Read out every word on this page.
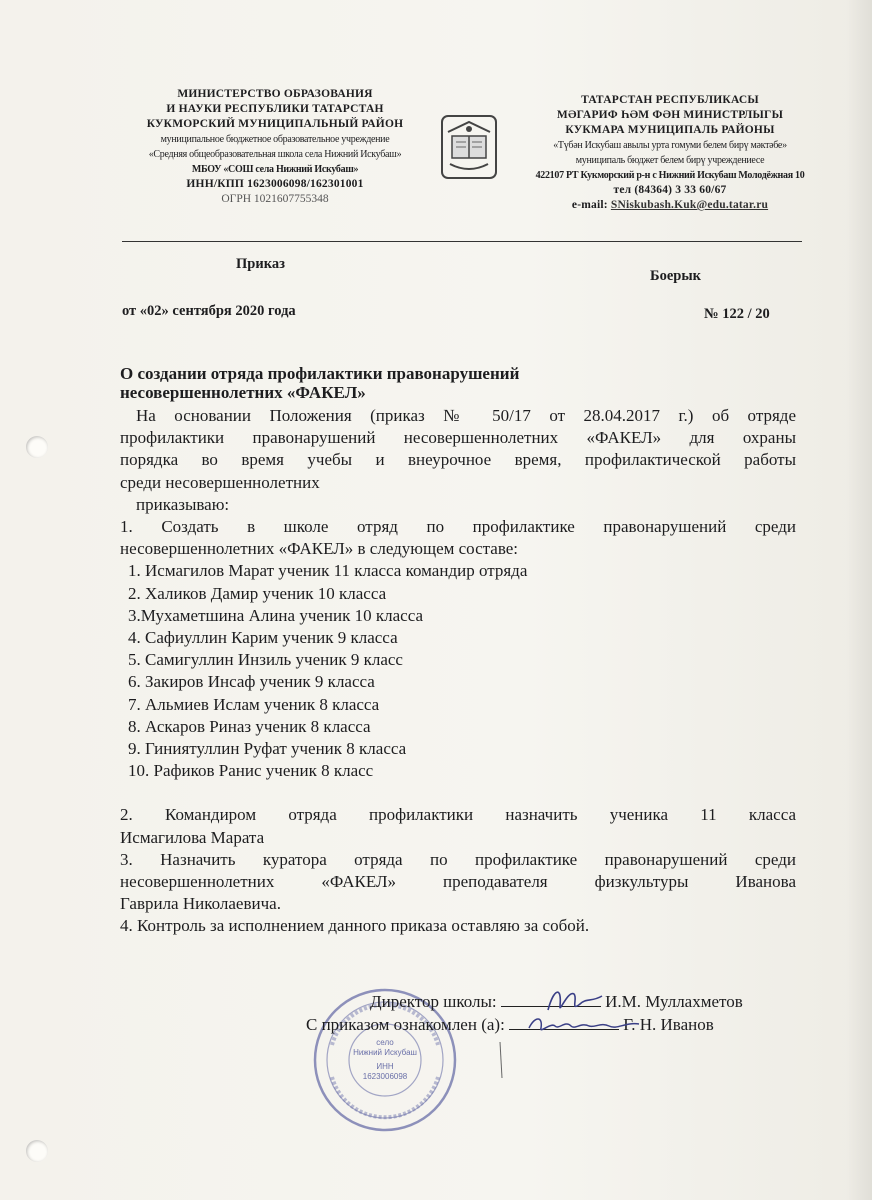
МИНИСТЕРСТВО ОБРАЗОВАНИЯ
И НАУКИ РЕСПУБЛИКИ ТАТАРСТАН
КУКМОРСКИЙ МУНИЦИПАЛЬНЫЙ РАЙОН
муниципальное бюджетное образовательное учреждение
«Средняя общеобразовательная школа села Нижний Искубаш»
МБОУ «СОШ села Нижний Искубаш»
ИНН/КПП 1623006098/162301001
ОГРН 1021607755348
ТАТАРСТАН РЕСПУБЛИКАСЫ
МӘГАРИФ ҺӘМ ФӘН МИНИСТРЛЫГЫ
КУКМАРА МУНИЦИПАЛЬ РАЙОНЫ
«Түбән Искубаш авылы урта гомуми белем бирү мәктәбе»
муниципаль бюджет белем бирү учреждениесе
422107 РТ Кукморский р-н с Нижний Искубаш Молодёжная 10
тел (84364) 3 33 60/67
e-mail: SNiskubash.Kuk@edu.tatar.ru
Приказ
Боерык
от «02» сентября 2020 года	№ 122 / 20
О создании отряда профилактики правонарушений
несовершеннолетних «ФАКЕЛ»
На основании Положения (приказ № 50/17 от 28.04.2017 г.) об отряде
профилактики правонарушений несовершеннолетних «ФАКЕЛ» для охраны
порядка во время учебы и внеурочное время, профилактической работы
среди несовершеннолетних
приказываю:
1. Создать в школе отряд по профилактике правонарушений среди
несовершеннолетних «ФАКЕЛ» в следующем составе:
1. Исмагилов Марат ученик 11 класса командир отряда
2. Халиков Дамир ученик 10 класса
3.Мухаметшина Алина ученик 10 класса
4. Сафиуллин Карим ученик 9 класса
5. Самигуллин Инзиль ученик 9 класс
6. Закиров Инсаф ученик 9 класса
7. Альмиев Ислам ученик 8 класса
8. Аскаров Риназ ученик 8 класса
9. Гиниятуллин Руфат ученик 8 класса
10. Рафиков Ранис ученик 8 класс
2. Командиром отряда профилактики назначить ученика 11 класса
Исмагилова Марата
3. Назначить куратора отряда по профилактике правонарушений среди
несовершеннолетних «ФАКЕЛ» преподавателя физкультуры Иванова
Гаврила Николаевича.
4. Контроль за исполнением данного приказа оставляю за собой.
село
Нижний Искубаш
ИНН
1623006098
Директор школы:	И.М. Муллахметов
С приказом ознакомлен (а):	Г. Н. Иванов
